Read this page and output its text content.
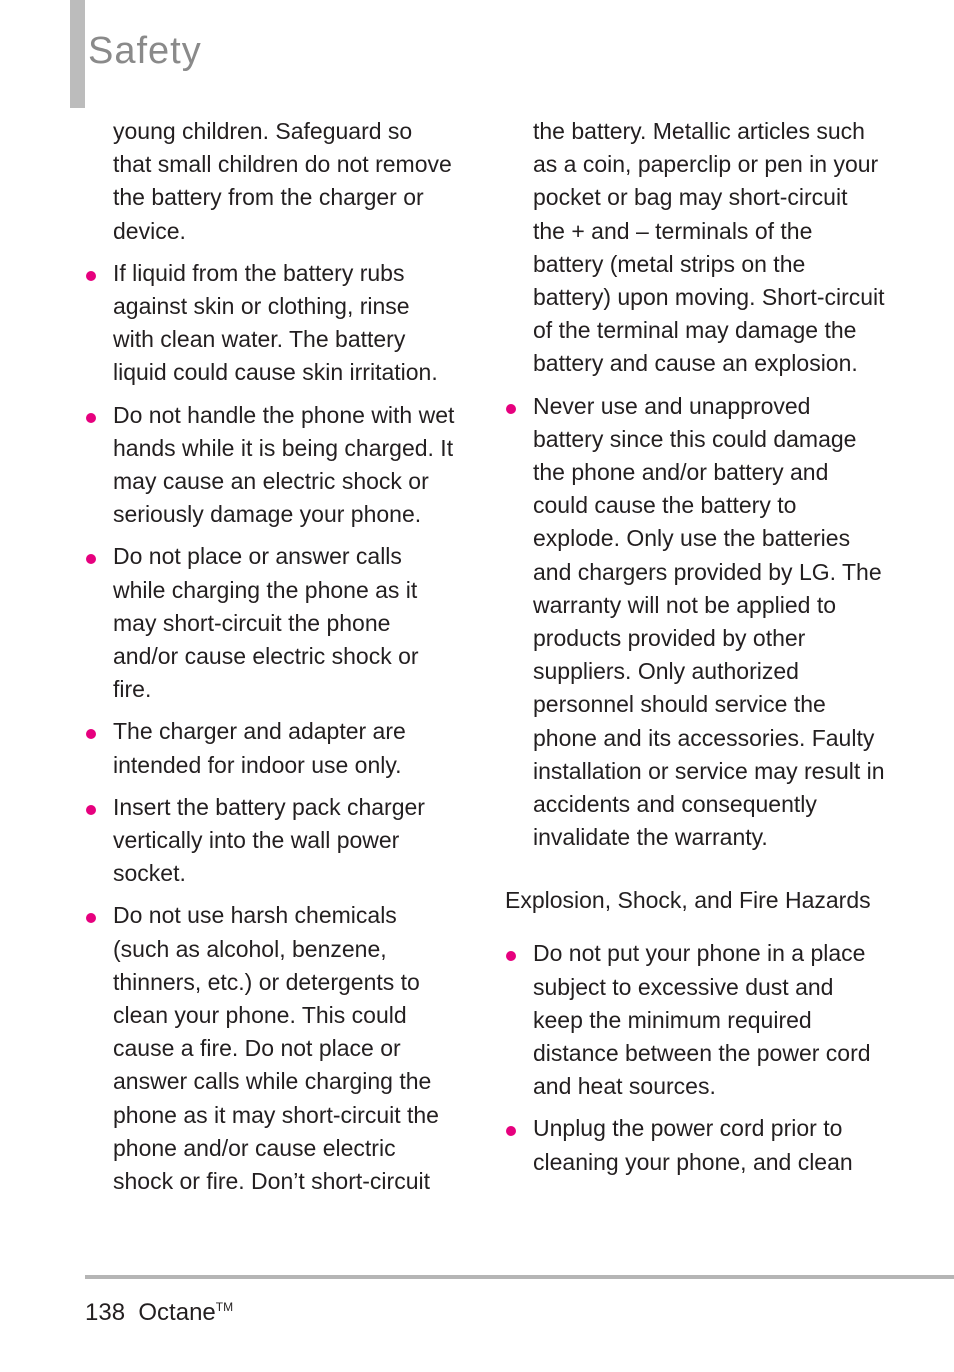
Safety

young children. Safeguard so that small children do not remove the battery from the charger or device.

If liquid from the battery rubs against skin or clothing, rinse with clean water. The battery liquid could cause skin irritation.

Do not handle the phone with wet hands while it is being charged. It may cause an electric shock or seriously damage your phone.

Do not place or answer calls while charging the phone as it may short-circuit the phone and/or cause electric shock or fire.

The charger and adapter are intended for indoor use only.

Insert the battery pack charger vertically into the wall power socket.

Do not use harsh chemicals (such as alcohol, benzene, thinners, etc.) or detergents to clean your phone. This could cause a fire. Do not place or answer calls while charging the phone as it may short-circuit the phone and/or cause electric shock or fire. Don’t short-circuit

the battery. Metallic articles such as a coin, paperclip or pen in your pocket or bag may short-circuit the + and – terminals of the battery (metal strips on the battery) upon moving. Short-circuit of the terminal may damage the battery and cause an explosion.

Never use and unapproved battery since this could damage the phone and/or battery and could cause the battery to explode. Only use the batteries and chargers provided by LG. The warranty will not be applied to products provided by other suppliers. Only authorized personnel should service the phone and its accessories. Faulty installation or service may result in accidents and consequently invalidate the warranty.

Explosion, Shock, and Fire Hazards

Do not put your phone in a place subject to excessive dust and keep the minimum required distance between the power cord and heat sources.

Unplug the power cord prior to cleaning your phone, and clean

138 Octane™
